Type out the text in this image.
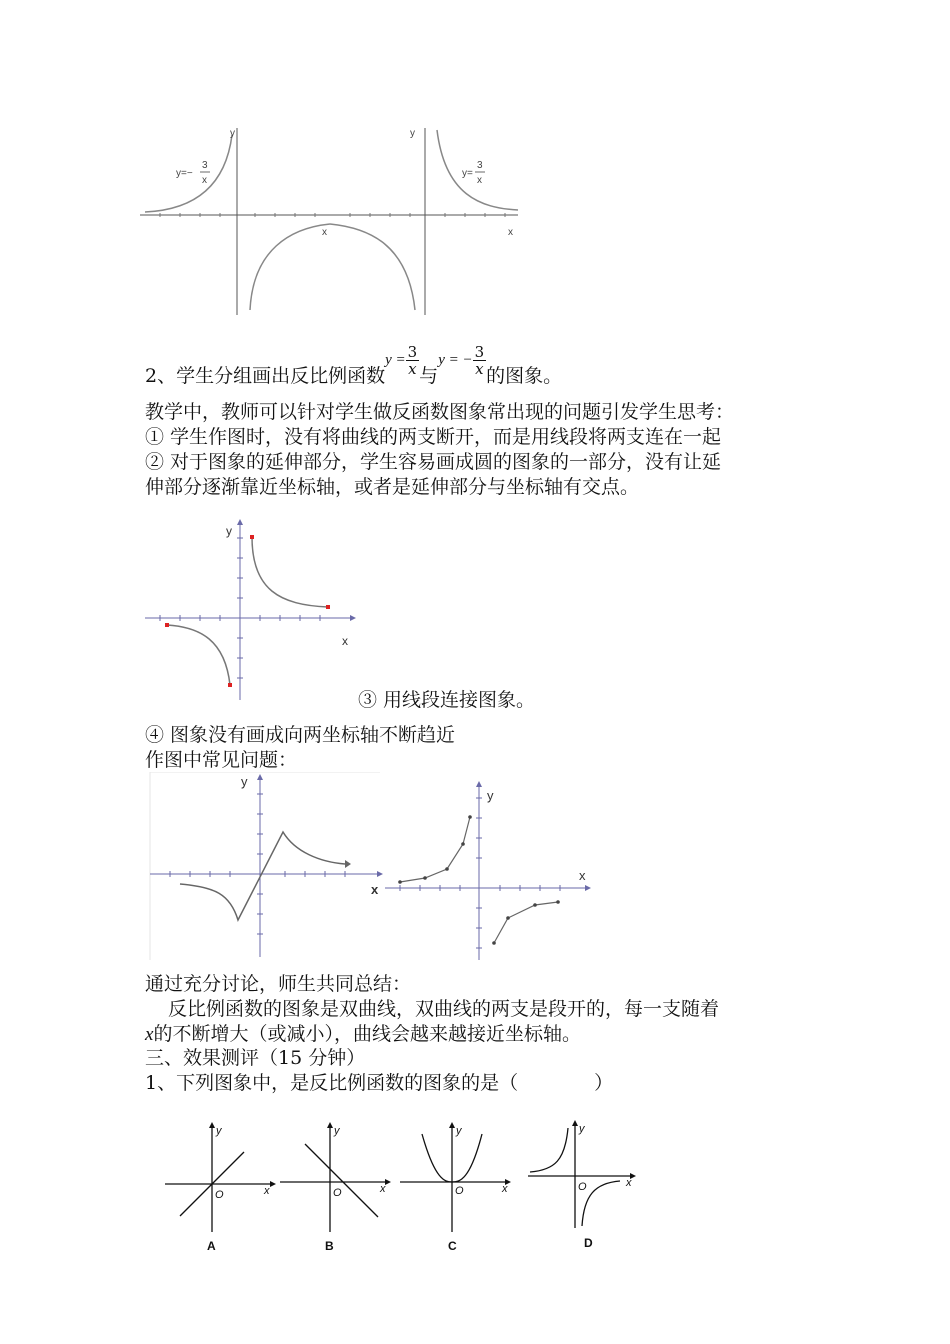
y	y
x	x
y=−
3
x
y=
3
x
2、学生分组画出反比例函数$^{y =} \frac{3}{x}$ 与$^{y = -} \frac{3}{x}$ 的图象。
教学中，教师可以针对学生做反函数图象常出现的问题引发学生思考：
① 学生作图时，没有将曲线的两支断开，而是用线段将两支连在一起
② 对于图象的延伸部分，学生容易画成圆的图象的一部分，没有让延
伸部分逐渐靠近坐标轴，或者是延伸部分与坐标轴有交点。
y
x
③ 用线段连接图象。
④ 图象没有画成向两坐标轴不断趋近
作图中常见问题：
y
y
x
x
通过充分讨论，师生共同总结：
反比例函数的图象是双曲线，双曲线的两支是段开的，每一支随着
x的不断增大（或减小），曲线会越来越接近坐标轴。
三、效果测评（15 分钟）
1、下列图象中，是反比例函数的图象的是（　　　　）
y
x
O
A
y
x
O
B
y
x
O
C
y
x
O
D
